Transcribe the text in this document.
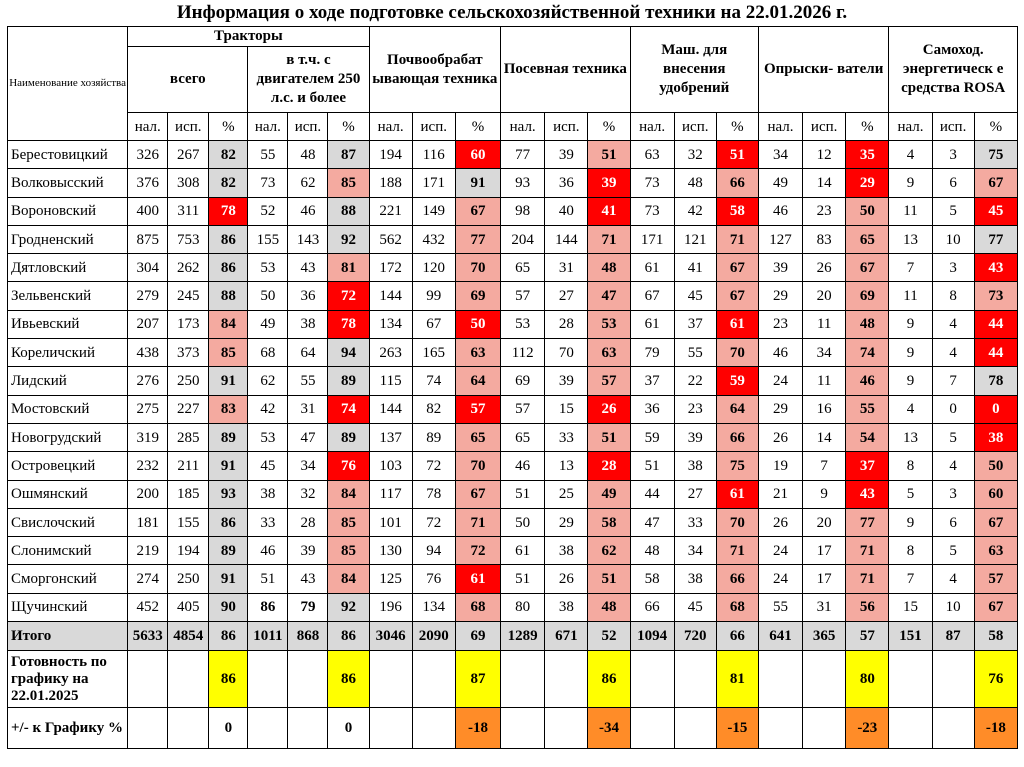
Информация о ходе подготовке сельскохозяйственной техники на 22.01.2026 г.
Наименование хозяйства	Тракторы						Почвообрабат ывающая техника			Посевная техника			Маш. для внесения удобрений			Опрыски- ватели			Самоход. энергетическ е средства ROSA		
	всего			в т.ч. с двигателем 250 л.с. и более																	
	нал.	исп.	%	нал.	исп.	%	нал.	исп.	%	нал.	исп.	%	нал.	исп.	%	нал.	исп.	%	нал.	исп.	%
Берестовицкий	326	267	82	55	48	87	194	116	60	77	39	51	63	32	51	34	12	35	4	3	75
Волковысский	376	308	82	73	62	85	188	171	91	93	36	39	73	48	66	49	14	29	9	6	67
Вороновский	400	311	78	52	46	88	221	149	67	98	40	41	73	42	58	46	23	50	11	5	45
Гродненский	875	753	86	155	143	92	562	432	77	204	144	71	171	121	71	127	83	65	13	10	77
Дятловский	304	262	86	53	43	81	172	120	70	65	31	48	61	41	67	39	26	67	7	3	43
Зельвенский	279	245	88	50	36	72	144	99	69	57	27	47	67	45	67	29	20	69	11	8	73
Ивьевский	207	173	84	49	38	78	134	67	50	53	28	53	61	37	61	23	11	48	9	4	44
Кореличский	438	373	85	68	64	94	263	165	63	112	70	63	79	55	70	46	34	74	9	4	44
Лидский	276	250	91	62	55	89	115	74	64	69	39	57	37	22	59	24	11	46	9	7	78
Мостовский	275	227	83	42	31	74	144	82	57	57	15	26	36	23	64	29	16	55	4	0	0
Новогрудский	319	285	89	53	47	89	137	89	65	65	33	51	59	39	66	26	14	54	13	5	38
Островецкий	232	211	91	45	34	76	103	72	70	46	13	28	51	38	75	19	7	37	8	4	50
Ошмянский	200	185	93	38	32	84	117	78	67	51	25	49	44	27	61	21	9	43	5	3	60
Свислочский	181	155	86	33	28	85	101	72	71	50	29	58	47	33	70	26	20	77	9	6	67
Слонимский	219	194	89	46	39	85	130	94	72	61	38	62	48	34	71	24	17	71	8	5	63
Сморгонский	274	250	91	51	43	84	125	76	61	51	26	51	58	38	66	24	17	71	7	4	57
Щучинский	452	405	90	86	79	92	196	134	68	80	38	48	66	45	68	55	31	56	15	10	67
Итого	5633	4854	86	1011	868	86	3046	2090	69	1289	671	52	1094	720	66	641	365	57	151	87	58
Готовность по графику на 22.01.2025			86			86			87			86			81			80			76
+/- к Графику %			0			0			-18			-34			-15			-23			-18
